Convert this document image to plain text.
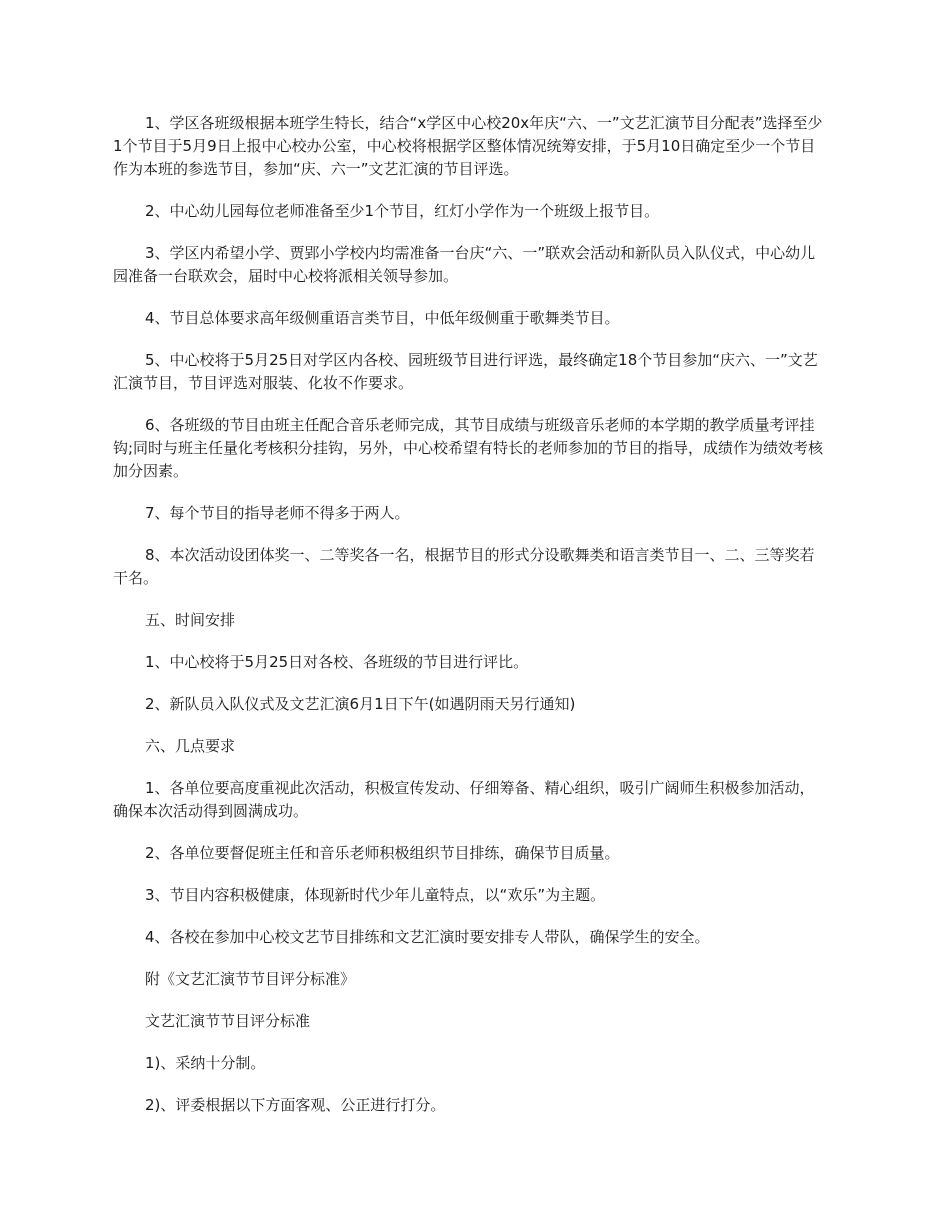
1、学区各班级根据本班学生特长，结合“x学区中心校20x年庆“六、一”文艺汇演节目分配表”选择至少1个节目于5月9日上报中心校办公室，中心校将根据学区整体情况统筹安排，于5月10日确定至少一个节目作为本班的参选节目，参加“庆、六一”文艺汇演的节目评选。

2、中心幼儿园每位老师准备至少1个节目，红灯小学作为一个班级上报节目。

3、学区内希望小学、贾郢小学校内均需准备一台庆“六、一”联欢会活动和新队员入队仪式，中心幼儿园准备一台联欢会，届时中心校将派相关领导参加。

4、节目总体要求高年级侧重语言类节目，中低年级侧重于歌舞类节目。

5、中心校将于5月25日对学区内各校、园班级节目进行评选，最终确定18个节目参加“庆六、一”文艺汇演节目，节目评选对服装、化妆不作要求。

6、各班级的节目由班主任配合音乐老师完成，其节目成绩与班级音乐老师的本学期的教学质量考评挂钩;同时与班主任量化考核积分挂钩，另外，中心校希望有特长的老师参加的节目的指导，成绩作为绩效考核加分因素。

7、每个节目的指导老师不得多于两人。

8、本次活动设团体奖一、二等奖各一名，根据节目的形式分设歌舞类和语言类节目一、二、三等奖若干名。

五、时间安排

1、中心校将于5月25日对各校、各班级的节目进行评比。

2、新队员入队仪式及文艺汇演6月1日下午(如遇阴雨天另行通知)

六、几点要求

1、各单位要高度重视此次活动，积极宣传发动、仔细筹备、精心组织，吸引广阔师生积极参加活动，确保本次活动得到圆满成功。

2、各单位要督促班主任和音乐老师积极组织节目排练，确保节目质量。

3、节目内容积极健康，体现新时代少年儿童特点，以“欢乐”为主题。

4、各校在参加中心校文艺节目排练和文艺汇演时要安排专人带队，确保学生的安全。

附《文艺汇演节节目评分标准》

文艺汇演节节目评分标准

1)、采纳十分制。

2)、评委根据以下方面客观、公正进行打分。
